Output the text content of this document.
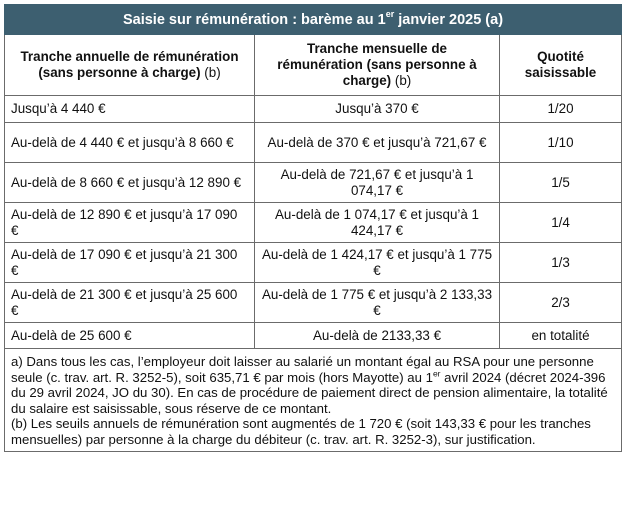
Saisie sur rémunération : barème au 1er janvier 2025 (a)		
Tranche annuelle de rémunération (sans personne à charge) (b)	Tranche mensuelle de rémunération (sans personne à charge) (b)	Quotité saisissable
Jusqu’à 4 440 €	Jusqu’à 370 €	1/20
Au-delà de 4 440 € et jusqu’à 8 660 €	Au-delà de 370 € et jusqu’à 721,67 €	1/10
Au-delà de 8 660 € et jusqu’à 12 890 €	Au-delà de 721,67 € et jusqu’à 1 074,17 €	1/5
Au-delà de 12 890 € et jusqu’à 17 090 €	Au-delà de 1 074,17 € et jusqu’à 1 424,17 €	1/4
Au-delà de 17 090 € et jusqu’à 21 300 €	Au-delà de 1 424,17 € et jusqu’à 1 775 €	1/3
Au-delà de 21 300 € et jusqu’à 25 600 €	Au-delà de 1 775 € et jusqu’à 2 133,33 €	2/3
Au-delà de 25 600 €	Au-delà de 2133,33 €	en totalité
a) Dans tous les cas, l’employeur doit laisser au salarié un montant égal au RSA pour une personne seule (c. trav. art. R. 3252-5), soit 635,71 € par mois (hors Mayotte) au 1er avril 2024 (décret 2024-396 du 29 avril 2024, JO du 30). En cas de procédure de paiement direct de pension alimentaire, la totalité du salaire est saisissable, sous réserve de ce montant.
(b) Les seuils annuels de rémunération sont augmentés de 1 720 € (soit 143,33 € pour les tranches mensuelles) par personne à la charge du débiteur (c. trav. art. R. 3252-3), sur justification.		
